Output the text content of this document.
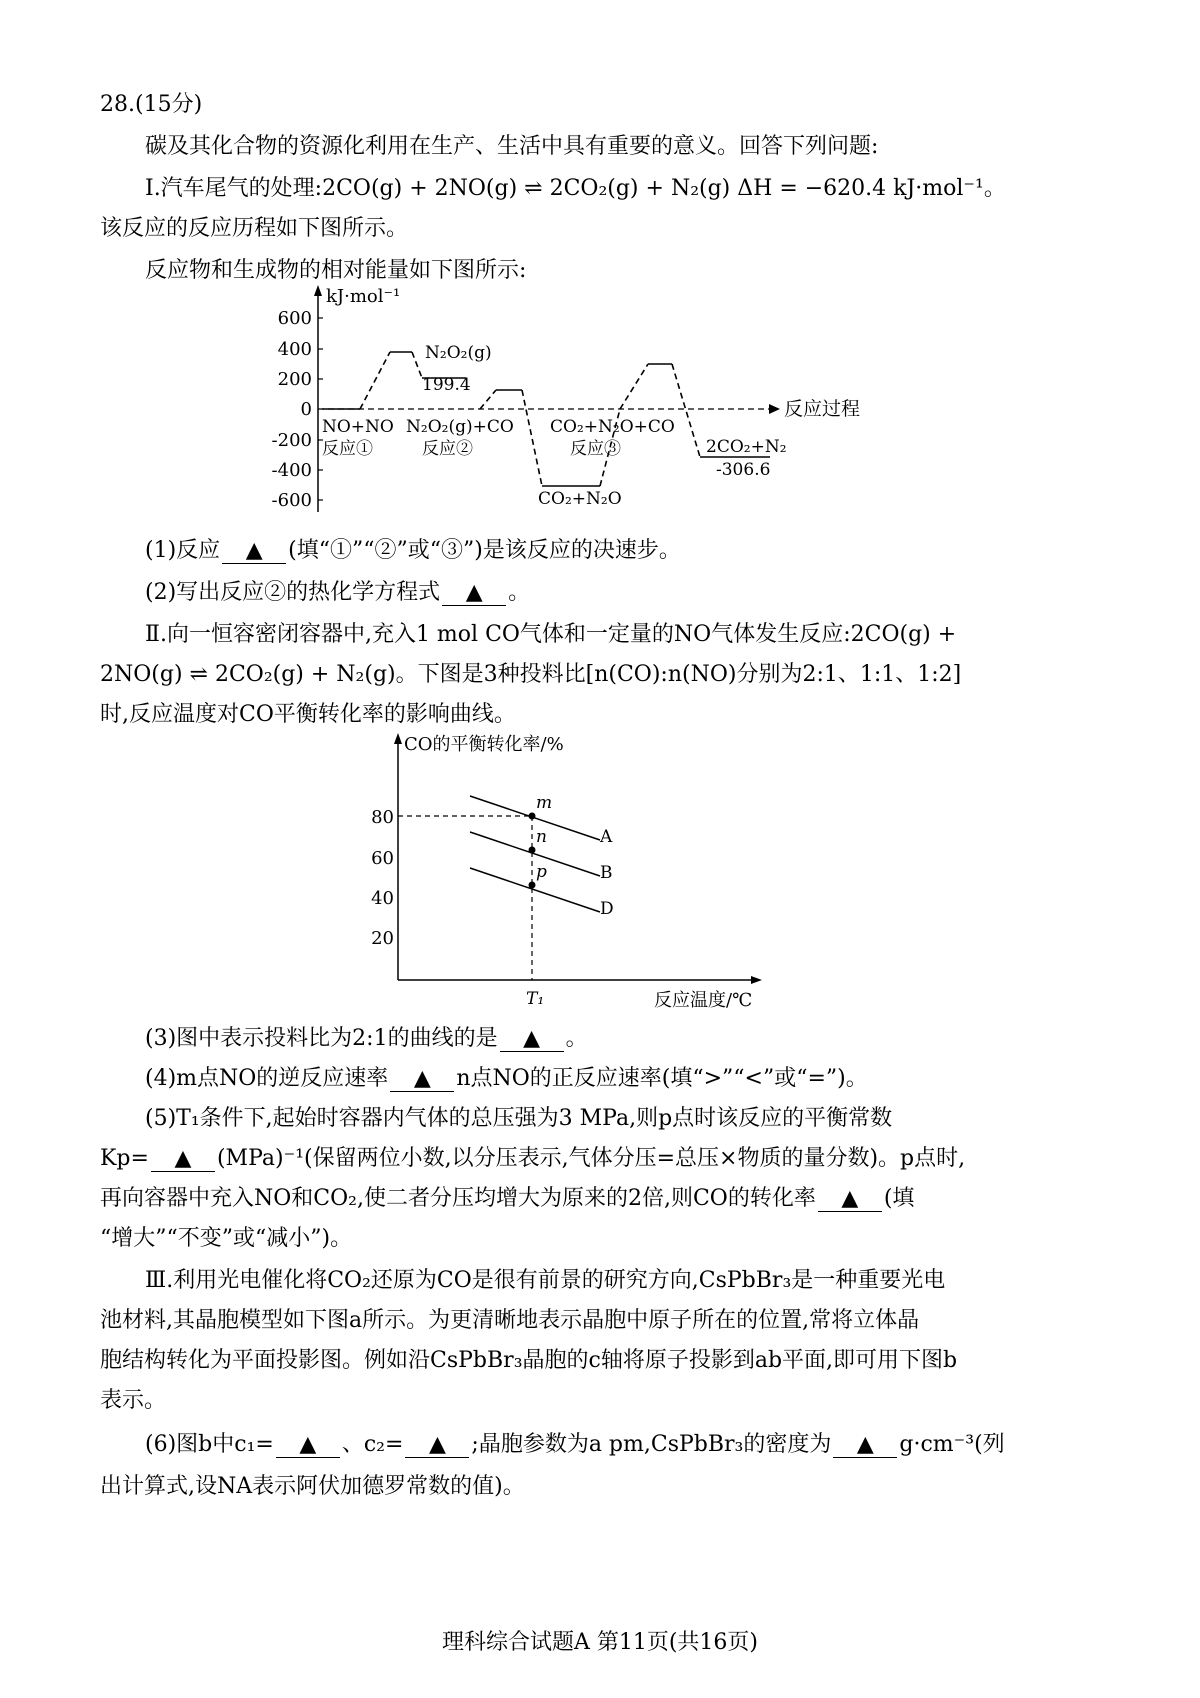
28.(15分)
碳及其化合物的资源化利用在生产、生活中具有重要的意义。回答下列问题:
Ⅰ.汽车尾气的处理:2CO(g) + 2NO(g) ⇌ 2CO₂(g) + N₂(g) ΔH = −620.4 kJ·mol⁻¹。
该反应的反应历程如下图所示。
反应物和生成物的相对能量如下图所示:
kJ·mol⁻¹
600
400
200
0
-200
-400
-600
反应过程
N₂O₂(g)
199.4
NO+NO
反应①
N₂O₂(g)+CO
反应②
CO₂+N₂O+CO
反应③
CO₂+N₂O
2CO₂+N₂
-306.6
(1)反应 ▲ (填“①”“②”或“③”)是该反应的决速步。
(2)写出反应②的热化学方程式 ▲ 。
Ⅱ.向一恒容密闭容器中,充入1 mol CO气体和一定量的NO气体发生反应:2CO(g) +
2NO(g) ⇌ 2CO₂(g) + N₂(g)。下图是3种投料比[n(CO):n(NO)分别为2:1、1:1、1:2]
时,反应温度对CO平衡转化率的影响曲线。
CO的平衡转化率/%
80
60
40
20
m
n
p
A
B
D
T₁	反应温度/℃
(3)图中表示投料比为2:1的曲线的是 ▲ 。
(4)m点NO的逆反应速率 ▲ n点NO的正反应速率(填“>”“<”或“=”)。
(5)T₁条件下,起始时容器内气体的总压强为3 MPa,则p点时该反应的平衡常数
Kp= ▲ (MPa)⁻¹(保留两位小数,以分压表示,气体分压=总压×物质的量分数)。p点时,
再向容器中充入NO和CO₂,使二者分压均增大为原来的2倍,则CO的转化率 ▲ (填
“增大”“不变”或“减小”)。
Ⅲ.利用光电催化将CO₂还原为CO是很有前景的研究方向,CsPbBr₃是一种重要光电
池材料,其晶胞模型如下图a所示。为更清晰地表示晶胞中原子所在的位置,常将立体晶
胞结构转化为平面投影图。例如沿CsPbBr₃晶胞的c轴将原子投影到ab平面,即可用下图b
表示。
(6)图b中c₁= ▲ 、c₂= ▲ ;晶胞参数为a pm,CsPbBr₃的密度为 ▲ g·cm⁻³(列
出计算式,设NA表示阿伏加德罗常数的值)。
理科综合试题A 第11页(共16页)
